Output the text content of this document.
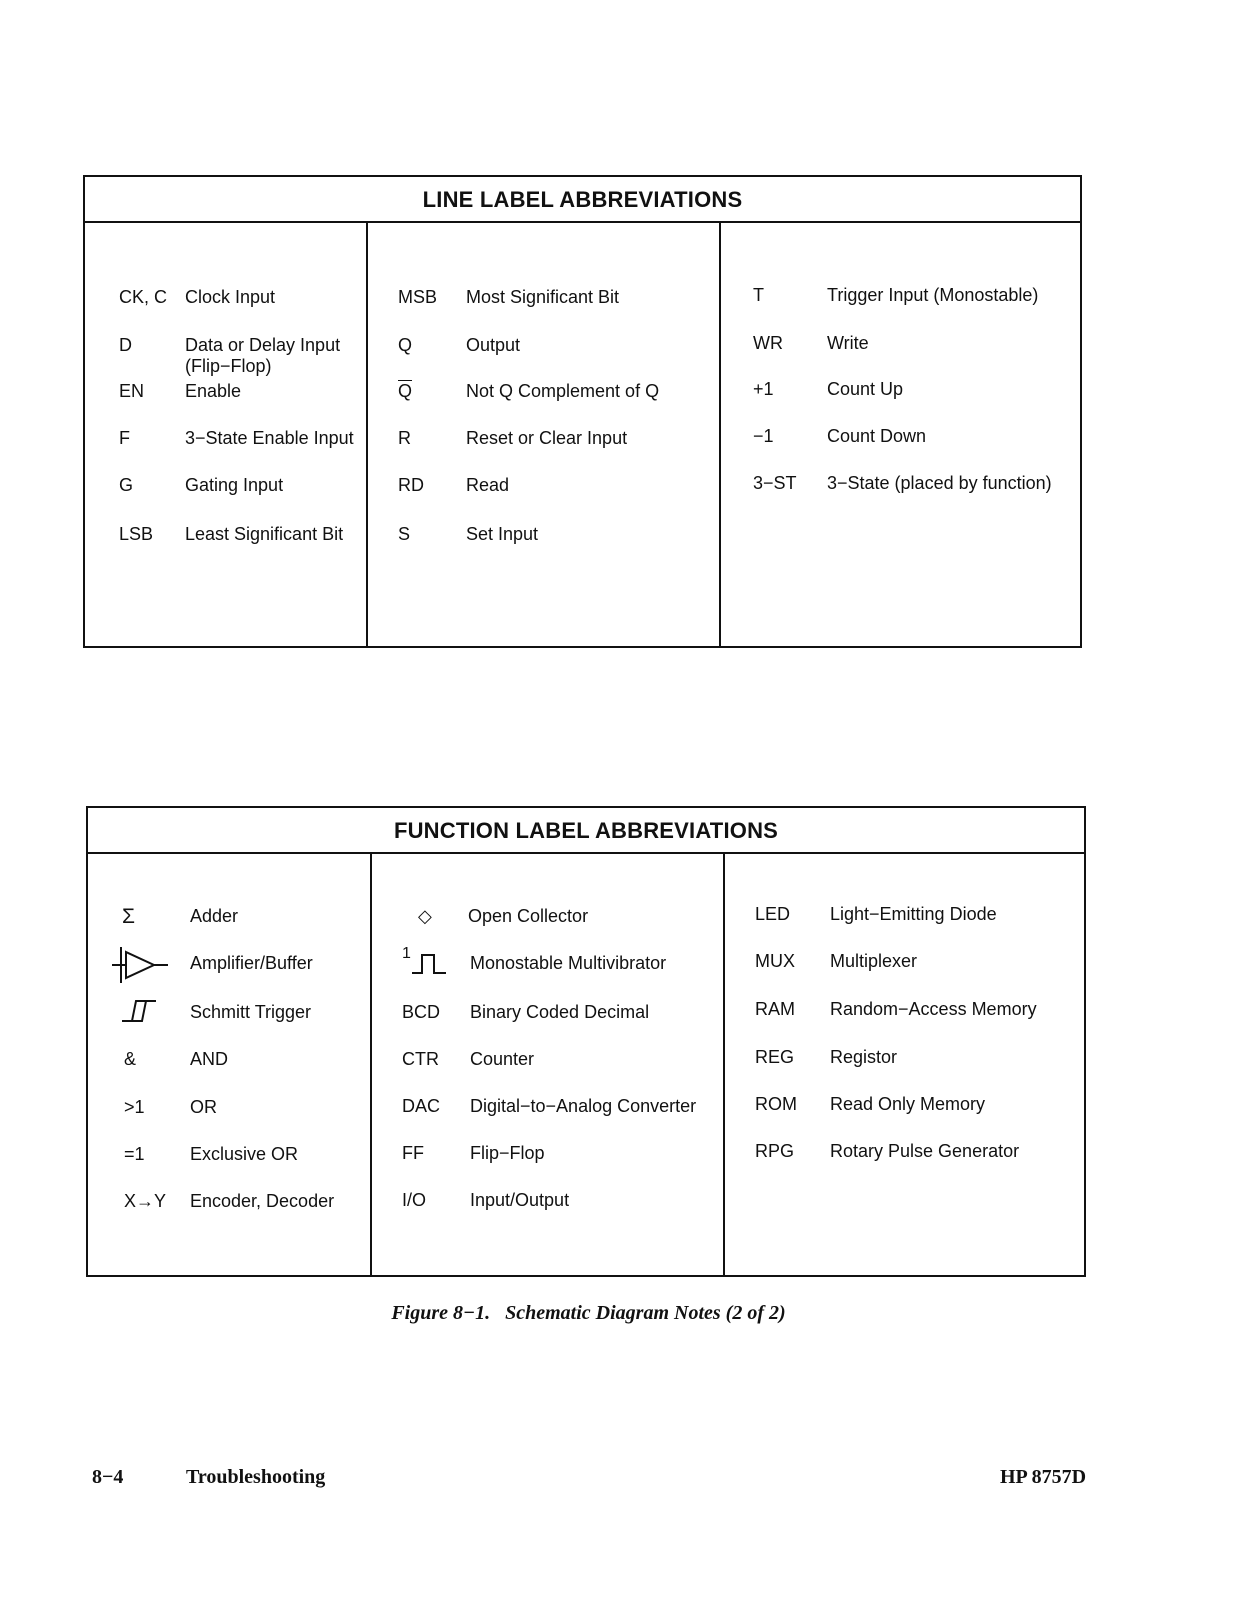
LINE LABEL ABBREVIATIONS
CK, C Clock Input
D	Data or Delay Input
(Flip−Flop)
EN Enable
F	3−State Enable Input
G	Gating Input
LSB Least Significant Bit
MSB Most Significant Bit
Q	Output
$\overline{Q}$	Not Q Complement of Q
R	Reset or Clear Input
RD Read
S	Set Input
T	Trigger Input (Monostable)
WR Write
+1	Count Up
−1	Count Down
3−ST 3−State (placed by function)
FUNCTION LABEL ABBREVIATIONS
Σ	Adder
Amplifier/Buffer
Schmitt Trigger
&	AND
>1	OR
=1	Exclusive OR
X→Y Encoder, Decoder
◇ Open Collector
1	Monostable Multivibrator
BCD Binary Coded Decimal
CTR Counter
DAC Digital−to−Analog Converter
FF	Flip−Flop
I/O Input/Output
LED Light−Emitting Diode
MUX Multiplexer
RAM Random−Access Memory
REG Registor
ROM Read Only Memory
RPG Rotary Pulse Generator
Figure 8−1.   Schematic Diagram Notes (2 of 2)
8−4	Troubleshooting	HP 8757D
